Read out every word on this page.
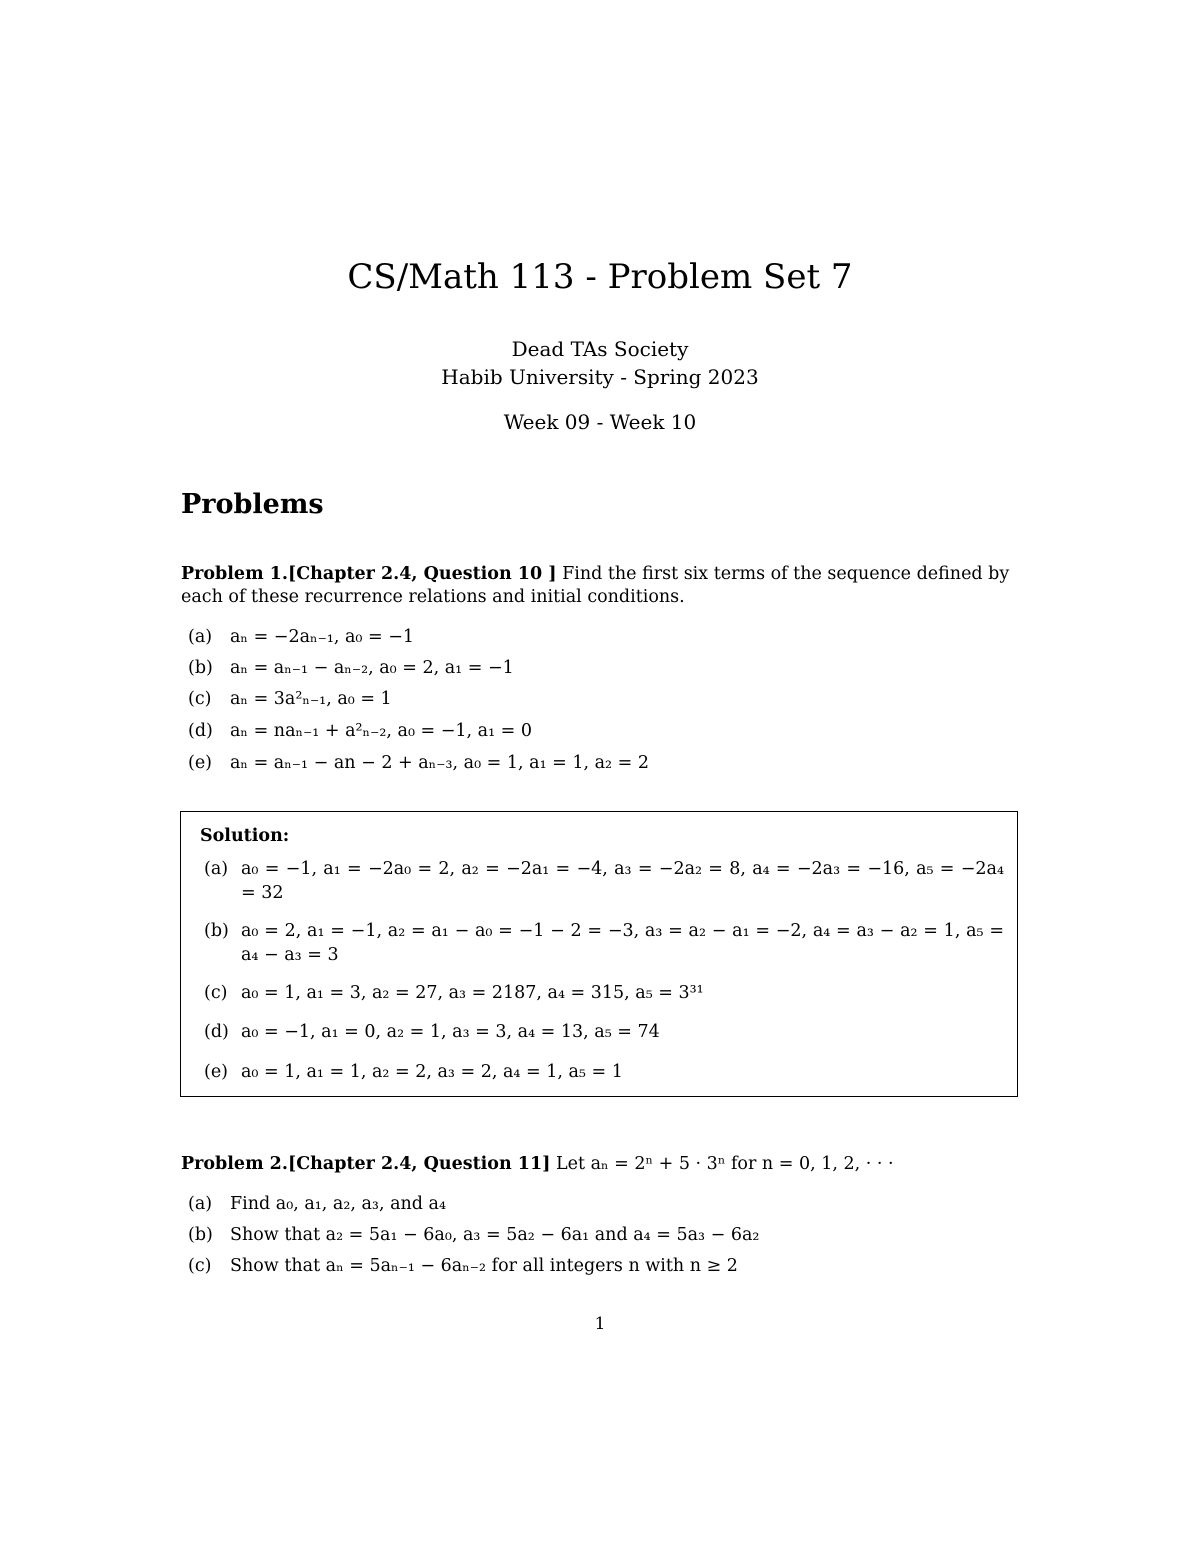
CS/Math 113 - Problem Set 7
Dead TAs Society
Habib University - Spring 2023
Week 09 - Week 10
Problems
Problem 1.[Chapter 2.4, Question 10 ] Find the first six terms of the sequence defined by each of these recurrence relations and initial conditions.
(a) aₙ = −2aₙ₋₁, a₀ = −1
(b) aₙ = aₙ₋₁ − aₙ₋₂, a₀ = 2, a₁ = −1
(c) aₙ = 3a²ₙ₋₁, a₀ = 1
(d) aₙ = naₙ₋₁ + a²ₙ₋₂, a₀ = −1, a₁ = 0
(e) aₙ = aₙ₋₁ − an − 2 + aₙ₋₃, a₀ = 1, a₁ = 1, a₂ = 2
Solution:
(a) a₀ = −1, a₁ = −2a₀ = 2, a₂ = −2a₁ = −4, a₃ = −2a₂ = 8, a₄ = −2a₃ = −16, a₅ = −2a₄ = 32
(b) a₀ = 2, a₁ = −1, a₂ = a₁ − a₀ = −1 − 2 = −3, a₃ = a₂ − a₁ = −2, a₄ = a₃ − a₂ = 1, a₅ = a₄ − a₃ = 3
(c) a₀ = 1, a₁ = 3, a₂ = 27, a₃ = 2187, a₄ = 315, a₅ = 3³¹
(d) a₀ = −1, a₁ = 0, a₂ = 1, a₃ = 3, a₄ = 13, a₅ = 74
(e) a₀ = 1, a₁ = 1, a₂ = 2, a₃ = 2, a₄ = 1, a₅ = 1
Problem 2.[Chapter 2.4, Question 11] Let aₙ = 2ⁿ + 5 · 3ⁿ for n = 0, 1, 2, · · ·
(a) Find a₀, a₁, a₂, a₃, and a₄
(b) Show that a₂ = 5a₁ − 6a₀, a₃ = 5a₂ − 6a₁ and a₄ = 5a₃ − 6a₂
(c) Show that aₙ = 5aₙ₋₁ − 6aₙ₋₂ for all integers n with n ≥ 2
1
